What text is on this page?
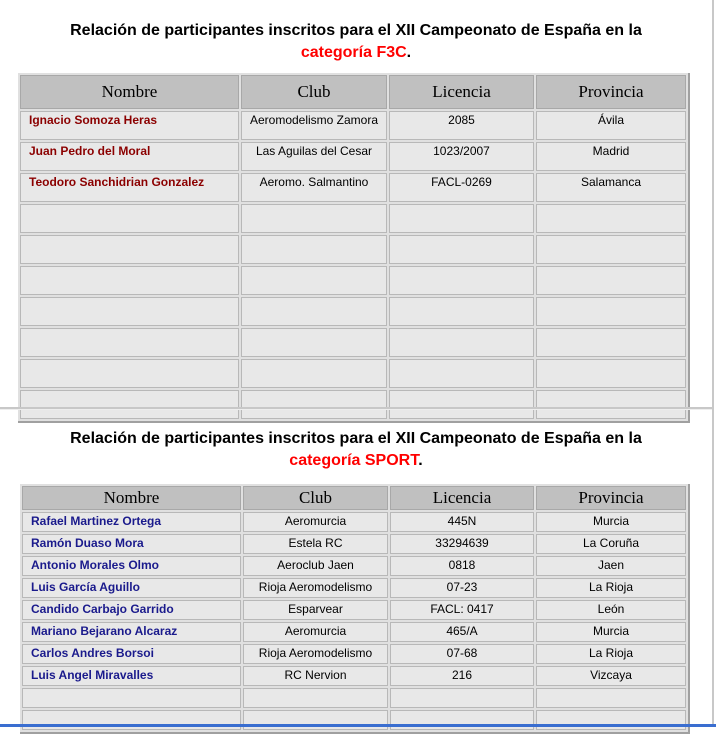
Relación de participantes inscritos para el XII Campeonato de España en la
categoría F3C.
Nombre	Club	Licencia	Provincia
Ignacio Somoza Heras	Aeromodelismo Zamora	2085	Ávila
Juan Pedro del Moral	Las Aguilas del Cesar	1023/2007	Madrid
Teodoro Sanchidrian Gonzalez	Aeromo. Salmantino	FACL-0269	Salamanca

Relación de participantes inscritos para el XII Campeonato de España en la
categoría SPORT.
Nombre	Club	Licencia	Provincia
Rafael Martinez Ortega	Aeromurcia	445N	Murcia
Ramón Duaso Mora	Estela RC	33294639	La Coruña
Antonio Morales Olmo	Aeroclub Jaen	0818	Jaen
Luis García Aguillo	Rioja Aeromodelismo	07-23	La Rioja
Candido Carbajo Garrido	Esparvear	FACL: 0417	León
Mariano Bejarano Alcaraz	Aeromurcia	465/A	Murcia
Carlos Andres Borsoi	Rioja Aeromodelismo	07-68	La Rioja
Luis Angel Miravalles	RC Nervion	216	Vizcaya
